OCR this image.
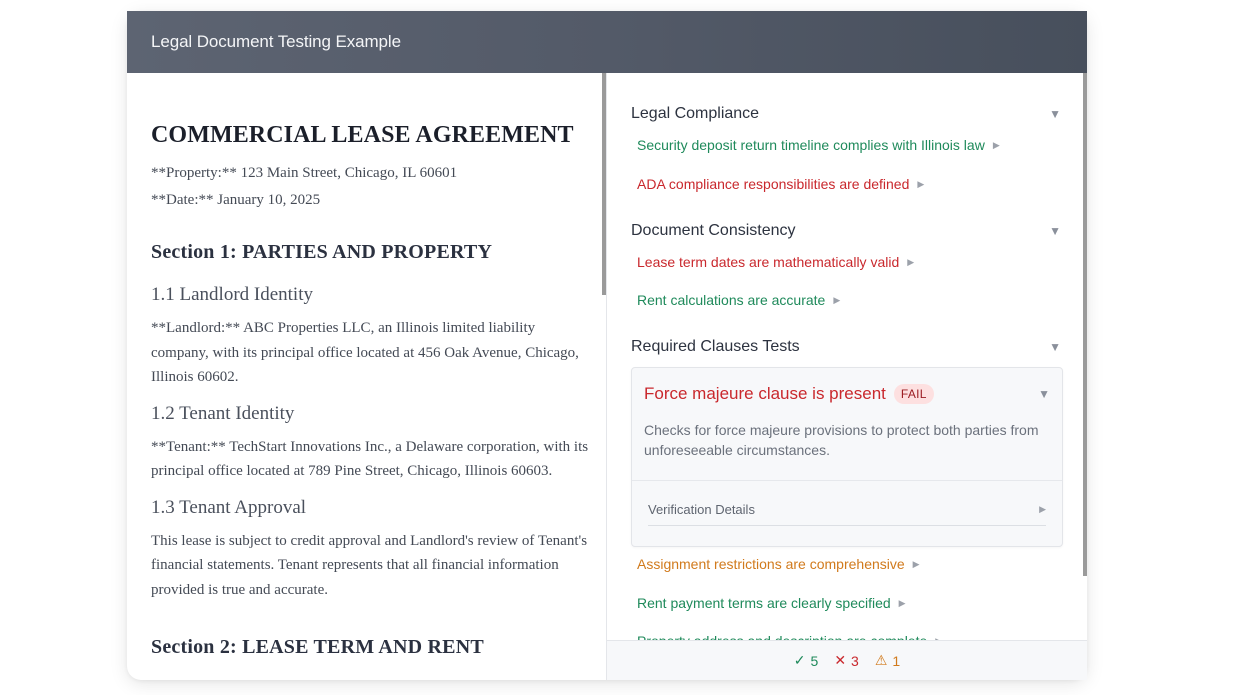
Legal Document Testing Example
COMMERCIAL LEASE AGREEMENT
**Property:** 123 Main Street, Chicago, IL 60601
**Date:** January 10, 2025
Section 1: PARTIES AND PROPERTY
1.1 Landlord Identity
**Landlord:** ABC Properties LLC, an Illinois limited liability company, with its principal office located at 456 Oak Avenue, Chicago, Illinois 60602.
1.2 Tenant Identity
**Tenant:** TechStart Innovations Inc., a Delaware corporation, with its principal office located at 789 Pine Street, Chicago, Illinois 60603.
1.3 Tenant Approval
This lease is subject to credit approval and Landlord's review of Tenant's financial statements. Tenant represents that all financial information provided is true and accurate.
Section 2: LEASE TERM AND RENT
Legal Compliance	▼
Security deposit return timeline complies with Illinois law ▶
ADA compliance responsibilities are defined ▶
Document Consistency	▼
Lease term dates are mathematically valid ▶
Rent calculations are accurate ▶
Required Clauses Tests	▼
Force majeure clause is present	FAIL	▼
Checks for force majeure provisions to protect both parties from unforeseeable circumstances.
Verification Details	▶
Assignment restrictions are comprehensive ▶
Rent payment terms are clearly specified ▶
✓ 5 ✕ 3 ⚠ 1
